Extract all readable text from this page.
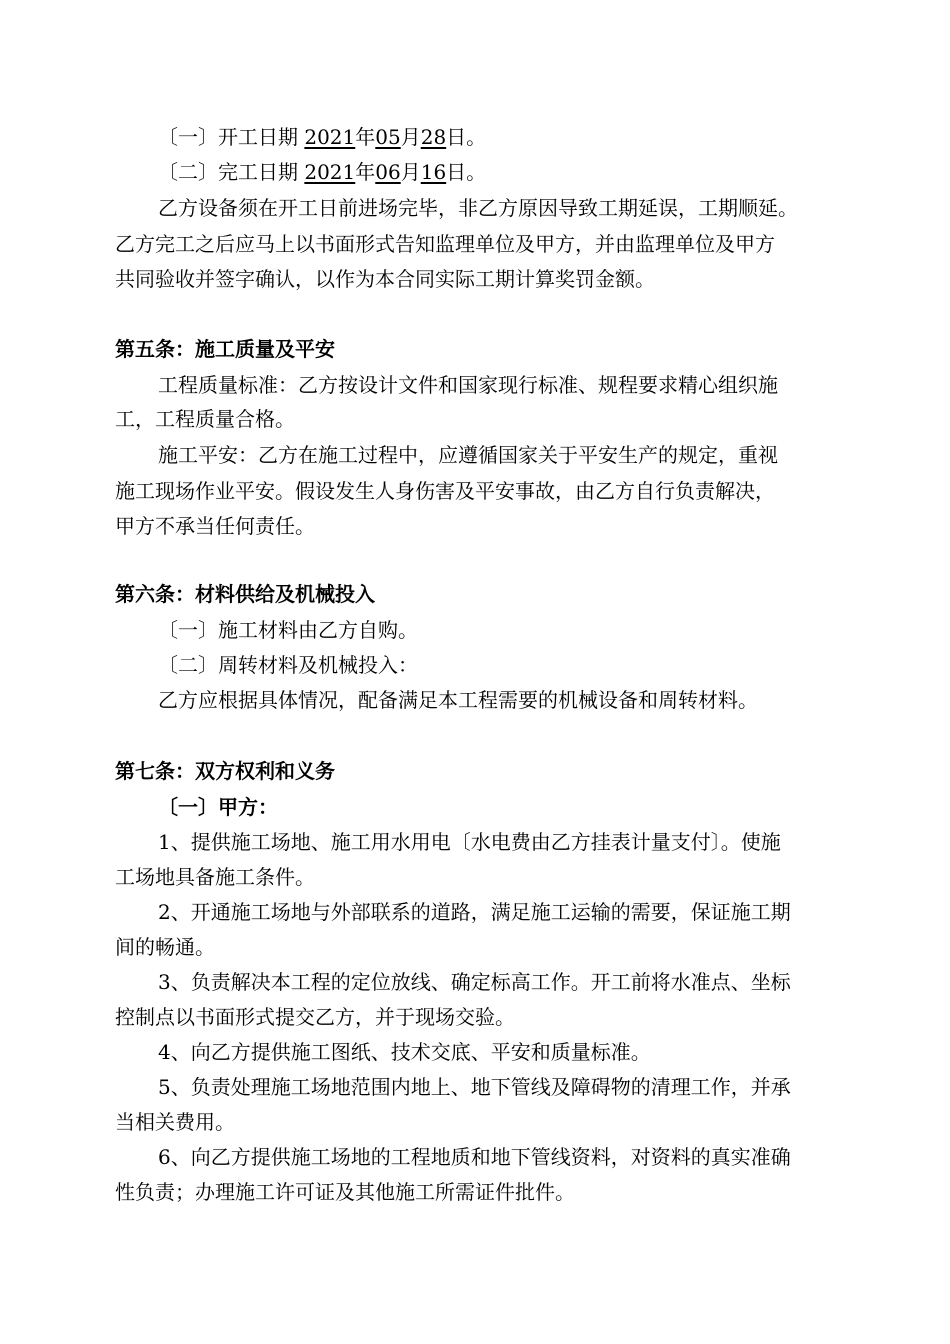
〔一〕开工日期 2021年05月28日。
〔二〕完工日期 2021年06月16日。
乙方设备须在开工日前进场完毕，非乙方原因导致工期延误，工期顺延。
乙方完工之后应马上以书面形式告知监理单位及甲方，并由监理单位及甲方
共同验收并签字确认，以作为本合同实际工期计算奖罚金额。
第五条：施工质量及平安
工程质量标准：乙方按设计文件和国家现行标准、规程要求精心组织施
工，工程质量合格。
施工平安：乙方在施工过程中，应遵循国家关于平安生产的规定，重视
施工现场作业平安。假设发生人身伤害及平安事故，由乙方自行负责解决，
甲方不承当任何责任。
第六条：材料供给及机械投入
〔一〕施工材料由乙方自购。
〔二〕周转材料及机械投入：
乙方应根据具体情况，配备满足本工程需要的机械设备和周转材料。
第七条：双方权利和义务
〔一〕甲方：
1、提供施工场地、施工用水用电〔水电费由乙方挂表计量支付〕。使施
工场地具备施工条件。
2、开通施工场地与外部联系的道路，满足施工运输的需要，保证施工期
间的畅通。
3、负责解决本工程的定位放线、确定标高工作。开工前将水准点、坐标
控制点以书面形式提交乙方，并于现场交验。
4、向乙方提供施工图纸、技术交底、平安和质量标准。
5、负责处理施工场地范围内地上、地下管线及障碍物的清理工作，并承
当相关费用。
6、向乙方提供施工场地的工程地质和地下管线资料，对资料的真实准确
性负责；办理施工许可证及其他施工所需证件批件。
